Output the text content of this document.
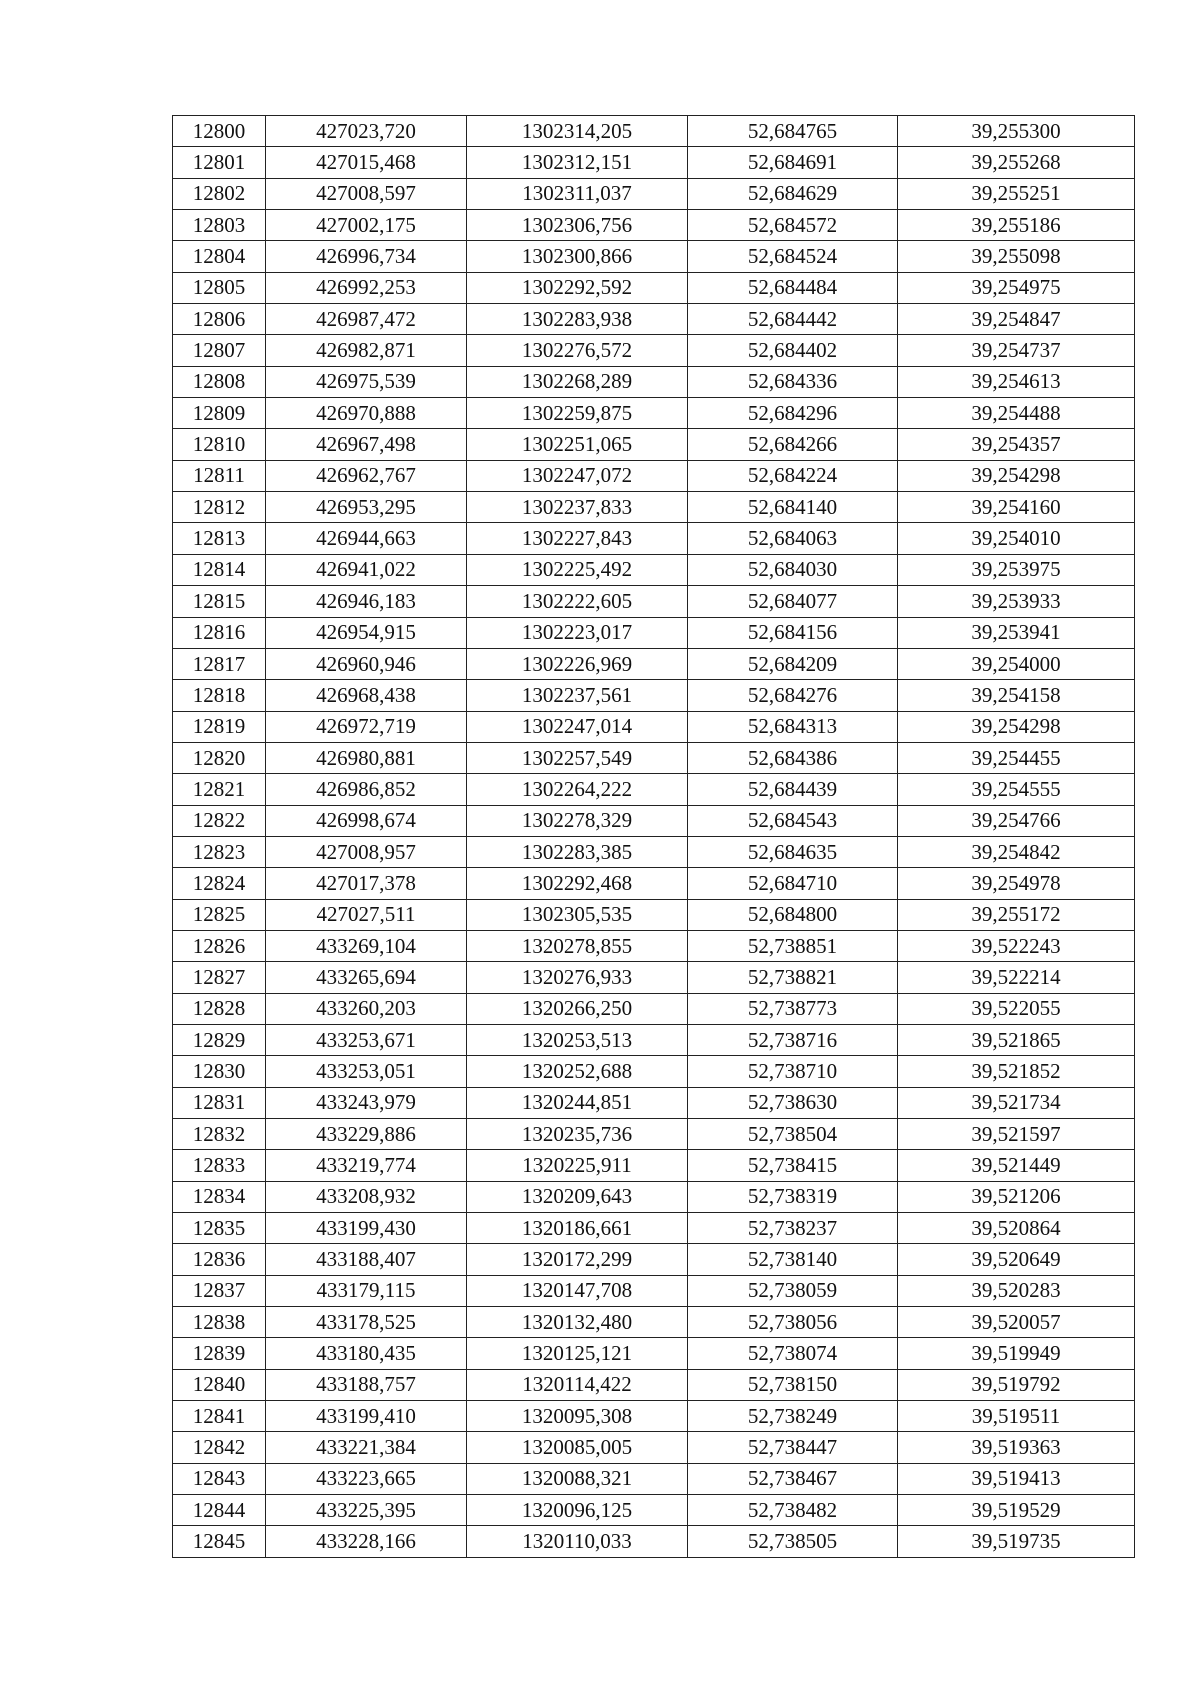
12800	427023,720	1302314,205	52,684765	39,255300
12801	427015,468	1302312,151	52,684691	39,255268
12802	427008,597	1302311,037	52,684629	39,255251
12803	427002,175	1302306,756	52,684572	39,255186
12804	426996,734	1302300,866	52,684524	39,255098
12805	426992,253	1302292,592	52,684484	39,254975
12806	426987,472	1302283,938	52,684442	39,254847
12807	426982,871	1302276,572	52,684402	39,254737
12808	426975,539	1302268,289	52,684336	39,254613
12809	426970,888	1302259,875	52,684296	39,254488
12810	426967,498	1302251,065	52,684266	39,254357
12811	426962,767	1302247,072	52,684224	39,254298
12812	426953,295	1302237,833	52,684140	39,254160
12813	426944,663	1302227,843	52,684063	39,254010
12814	426941,022	1302225,492	52,684030	39,253975
12815	426946,183	1302222,605	52,684077	39,253933
12816	426954,915	1302223,017	52,684156	39,253941
12817	426960,946	1302226,969	52,684209	39,254000
12818	426968,438	1302237,561	52,684276	39,254158
12819	426972,719	1302247,014	52,684313	39,254298
12820	426980,881	1302257,549	52,684386	39,254455
12821	426986,852	1302264,222	52,684439	39,254555
12822	426998,674	1302278,329	52,684543	39,254766
12823	427008,957	1302283,385	52,684635	39,254842
12824	427017,378	1302292,468	52,684710	39,254978
12825	427027,511	1302305,535	52,684800	39,255172
12826	433269,104	1320278,855	52,738851	39,522243
12827	433265,694	1320276,933	52,738821	39,522214
12828	433260,203	1320266,250	52,738773	39,522055
12829	433253,671	1320253,513	52,738716	39,521865
12830	433253,051	1320252,688	52,738710	39,521852
12831	433243,979	1320244,851	52,738630	39,521734
12832	433229,886	1320235,736	52,738504	39,521597
12833	433219,774	1320225,911	52,738415	39,521449
12834	433208,932	1320209,643	52,738319	39,521206
12835	433199,430	1320186,661	52,738237	39,520864
12836	433188,407	1320172,299	52,738140	39,520649
12837	433179,115	1320147,708	52,738059	39,520283
12838	433178,525	1320132,480	52,738056	39,520057
12839	433180,435	1320125,121	52,738074	39,519949
12840	433188,757	1320114,422	52,738150	39,519792
12841	433199,410	1320095,308	52,738249	39,519511
12842	433221,384	1320085,005	52,738447	39,519363
12843	433223,665	1320088,321	52,738467	39,519413
12844	433225,395	1320096,125	52,738482	39,519529
12845	433228,166	1320110,033	52,738505	39,519735
